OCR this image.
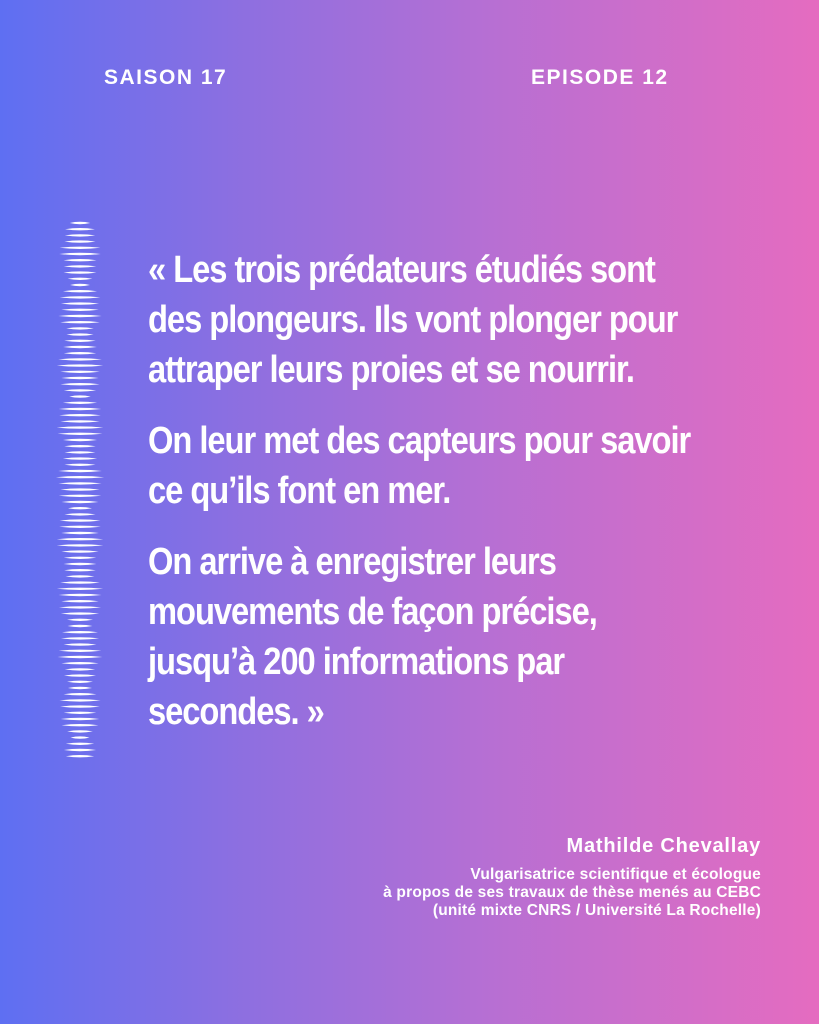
SAISON 17	EPISODE 12

« Les trois prédateurs étudiés sont
des plongeurs. Ils vont plonger pour
attraper leurs proies et se nourrir.

On leur met des capteurs pour savoir
ce qu’ils font en mer.

On arrive à enregistrer leurs
mouvements de façon précise,
jusqu’à 200 informations par
secondes. »

Mathilde Chevallay
Vulgarisatrice scientifique et écologue
à propos de ses travaux de thèse menés au CEBC
(unité mixte CNRS / Université La Rochelle)
